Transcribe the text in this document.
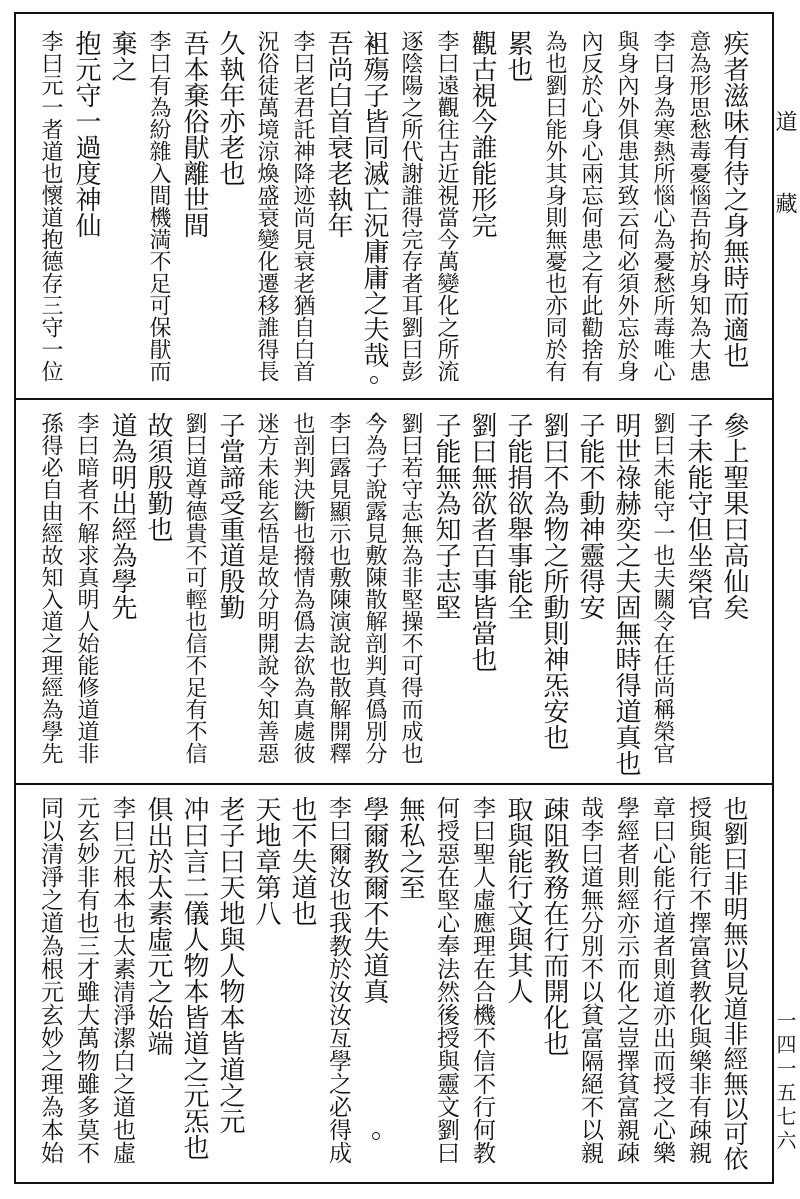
道藏
一四一五七六
疾者滋味有待之身無時而適也
意為形思愁毒憂惱吾拘於身知為大患
李曰身為寒熱所惱心為憂愁所毒唯心
與身內外俱患其致云何必須外忘於身
內反於心身心兩忘何患之有此勸捨有
為也劉曰能外其身則無憂也亦同於有
累也
觀古視今誰能形完
李曰遠觀往古近視當今萬變化之所流
逐陰陽之所代謝誰得完存者耳劉曰彭
祖殤子皆同滅亡況庸庸之夫哉
吾尚白首衰老執年
李曰老君託神降迹尚見衰老猶自白首
況俗徒萬境涼煥盛衰變化遷移誰得長
久執年亦老也
吾本棄俗猒離世間
李曰有為紛雜入間機満不足可保猒而
棄之
抱元守一過度神仙
李曰元一者道也懷道抱德存三守一位
參上聖果曰高仙矣
子未能守但坐榮官
劉曰未能守一也夫關令在任尚稱榮官
明世祿赫奕之夫固無時得道真也
子能不動神靈得安
劉曰不為物之所動則神炁安也
子能捐欲舉事能全
劉曰無欲者百事皆當也
子能無為知子志堅
劉曰若守志無為非堅操不可得而成也
今為子說露見敷陳散解剖判真僞別分
李曰露見顯示也敷陳演說也散解開釋
也剖判決斷也撥情為僞去欲為真處彼
迷方未能玄悟是故分明開說令知善惡
子當諦受重道殷勤
劉曰道尊德貴不可輕也信不足有不信
故須殷勤也
道為明出經為學先
李曰暗者不解求真明人始能修道道非
孫得必自由經故知入道之理經為學先
也劉曰非明無以見道非經無以可依
授與能行不擇富貧教化與樂非有疎親
章曰心能行道者則道亦出而授之心樂
學經者則經亦示而化之豈擇貧富親疎
哉李曰道無分別不以貧富隔絕不以親
疎阻教務在行而開化也
取與能行文與其人
李曰聖人虛應理在合機不信不行何教
何授惡在堅心奉法然後授與靈文劉曰
無私之至
學爾教爾不失道真
李曰爾汝也我教於汝汝亙學之必得成
也不失道也
天地章第八
老子曰天地與人物本皆道之元
冲曰言二儀人物本皆道之元炁也
俱出於太素虛元之始端
李曰元根本也太素清淨潔白之道也虛
元玄妙非有也三才雖大萬物雖多莫不
同以清淨之道為根元玄妙之理為本始
